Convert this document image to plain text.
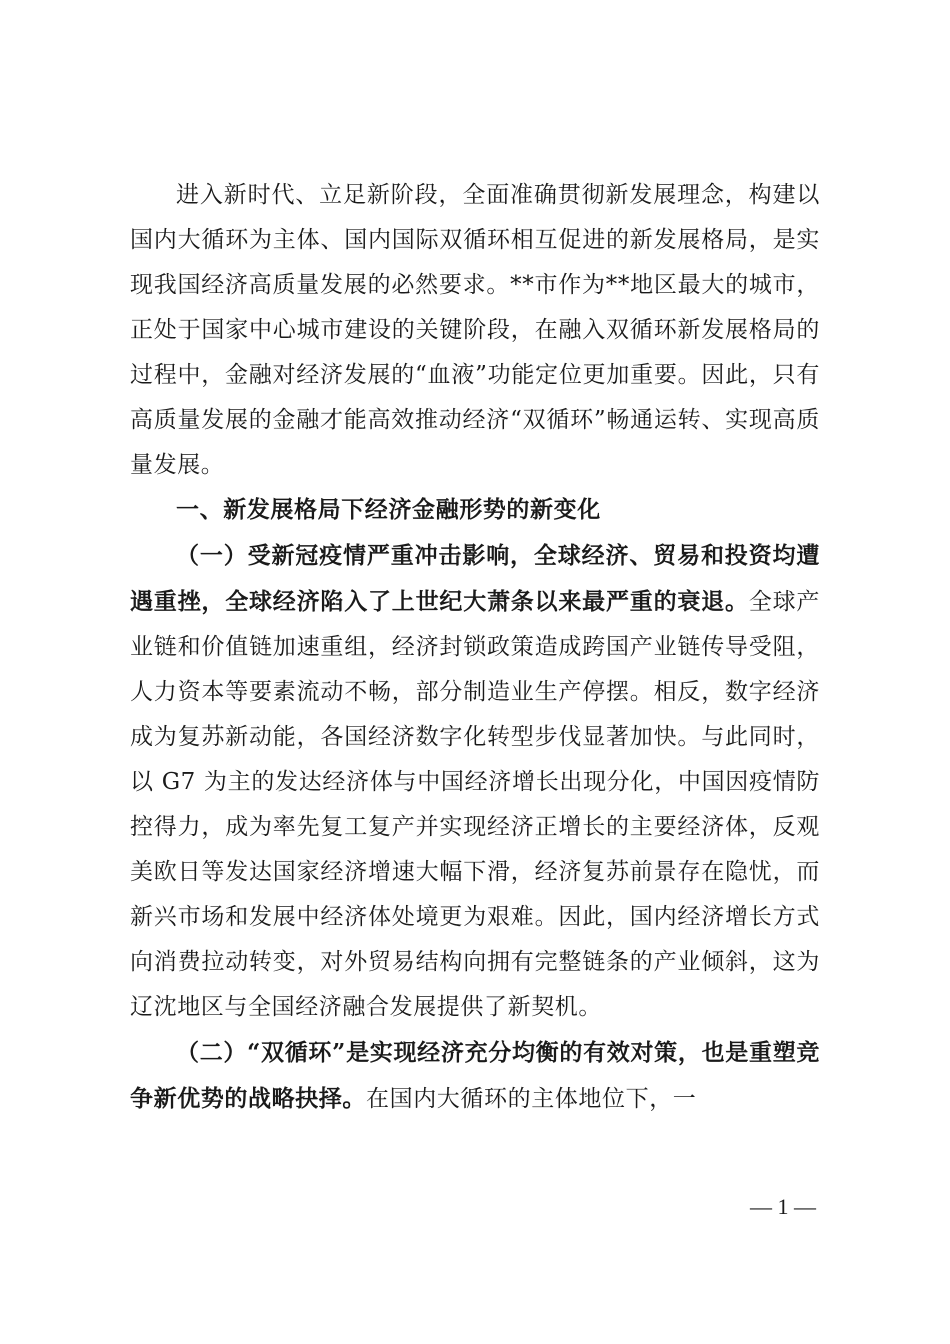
进入新时代、立足新阶段，全面准确贯彻新发展理念，构建以国内大循环为主体、国内国际双循环相互促进的新发展格局，是实现我国经济高质量发展的必然要求。**市作为**地区最大的城市，正处于国家中心城市建设的关键阶段，在融入双循环新发展格局的过程中，金融对经济发展的“血液”功能定位更加重要。因此，只有高质量发展的金融才能高效推动经济“双循环”畅通运转、实现高质量发展。

一、新发展格局下经济金融形势的新变化

（一）受新冠疫情严重冲击影响，全球经济、贸易和投资均遭遇重挫，全球经济陷入了上世纪大萧条以来最严重的衰退。全球产业链和价值链加速重组，经济封锁政策造成跨国产业链传导受阻，人力资本等要素流动不畅，部分制造业生产停摆。相反，数字经济成为复苏新动能，各国经济数字化转型步伐显著加快。与此同时，以 G7 为主的发达经济体与中国经济增长出现分化，中国因疫情防控得力，成为率先复工复产并实现经济正增长的主要经济体，反观美欧日等发达国家经济增速大幅下滑，经济复苏前景存在隐忧，而新兴市场和发展中经济体处境更为艰难。因此，国内经济增长方式向消费拉动转变，对外贸易结构向拥有完整链条的产业倾斜，这为辽沈地区与全国经济融合发展提供了新契机。

（二）“双循环”是实现经济充分均衡的有效对策，也是重塑竞争新优势的战略抉择。在国内大循环的主体地位下，一

— 1 —
